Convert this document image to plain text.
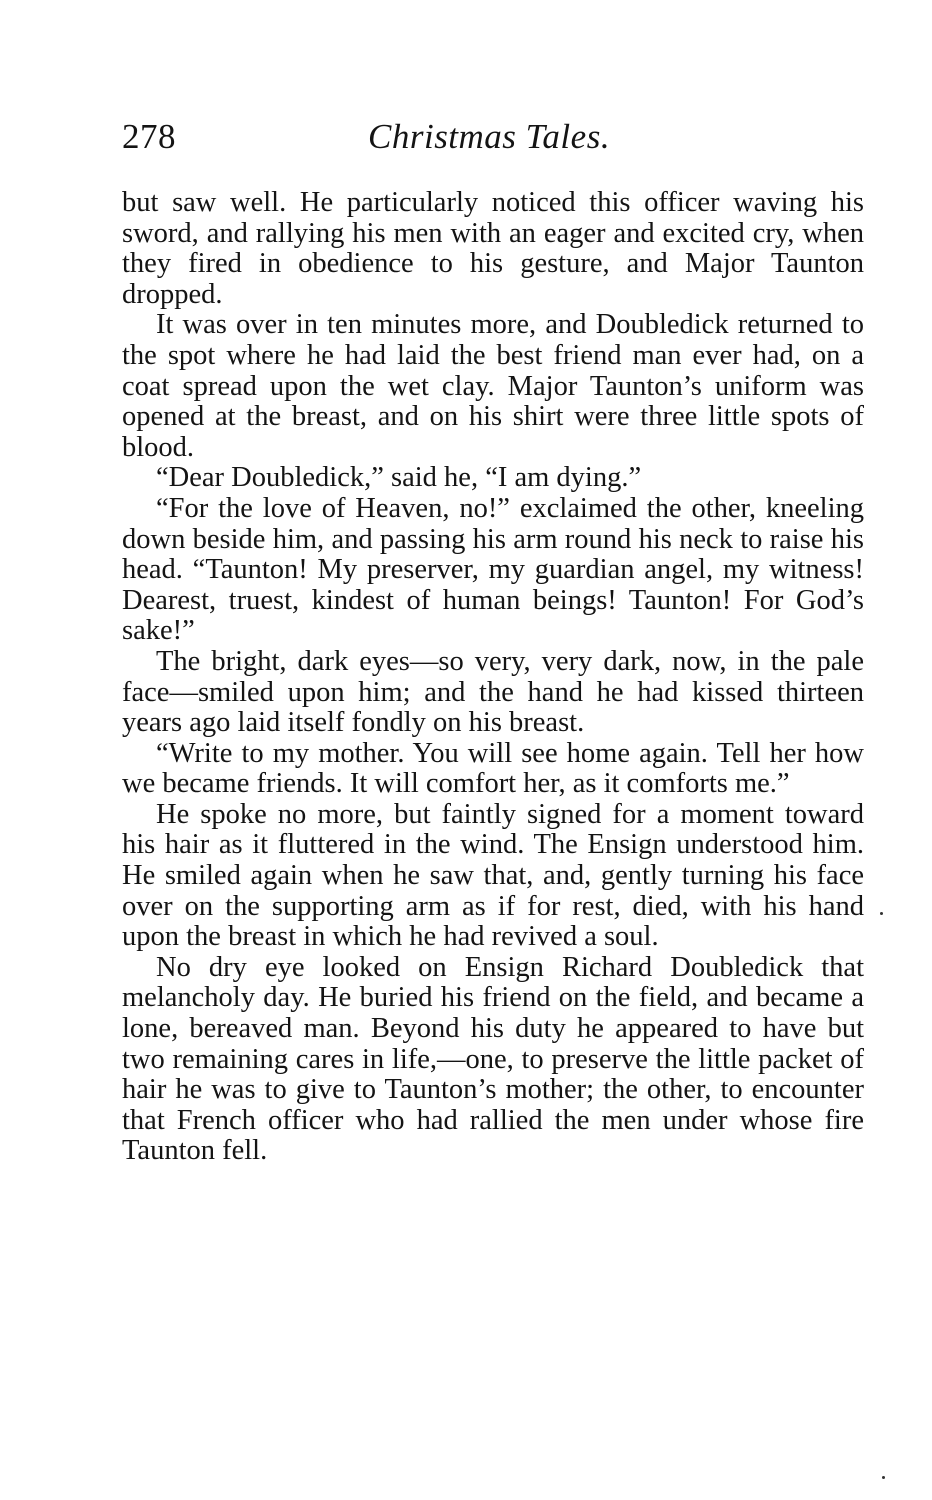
278	Christmas Tales.

but saw well. He particularly noticed this officer waving his sword, and rallying his men with an eager and excited cry, when they fired in obedience to his gesture, and Major Taunton dropped.

It was over in ten minutes more, and Doubledick returned to the spot where he had laid the best friend man ever had, on a coat spread upon the wet clay. Major Taunton’s uniform was opened at the breast, and on his shirt were three little spots of blood.

“Dear Doubledick,” said he, “I am dying.”

“For the love of Heaven, no!” exclaimed the other, kneeling down beside him, and passing his arm round his neck to raise his head. “Taunton! My preserver, my guardian angel, my witness! Dearest, truest, kindest of human beings! Taunton! For God’s sake!”

The bright, dark eyes—so very, very dark, now, in the pale face—smiled upon him; and the hand he had kissed thirteen years ago laid itself fondly on his breast.

“Write to my mother. You will see home again. Tell her how we became friends. It will comfort her, as it comforts me.”

He spoke no more, but faintly signed for a moment toward his hair as it fluttered in the wind. The Ensign understood him. He smiled again when he saw that, and, gently turning his face over on the supporting arm as if for rest, died, with his hand upon the breast in which he had revived a soul.

No dry eye looked on Ensign Richard Doubledick that melancholy day. He buried his friend on the field, and became a lone, bereaved man. Beyond his duty he appeared to have but two remaining cares in life,—one, to preserve the little packet of hair he was to give to Taunton’s mother; the other, to encounter that French officer who had rallied the men under whose fire Taunton fell.
